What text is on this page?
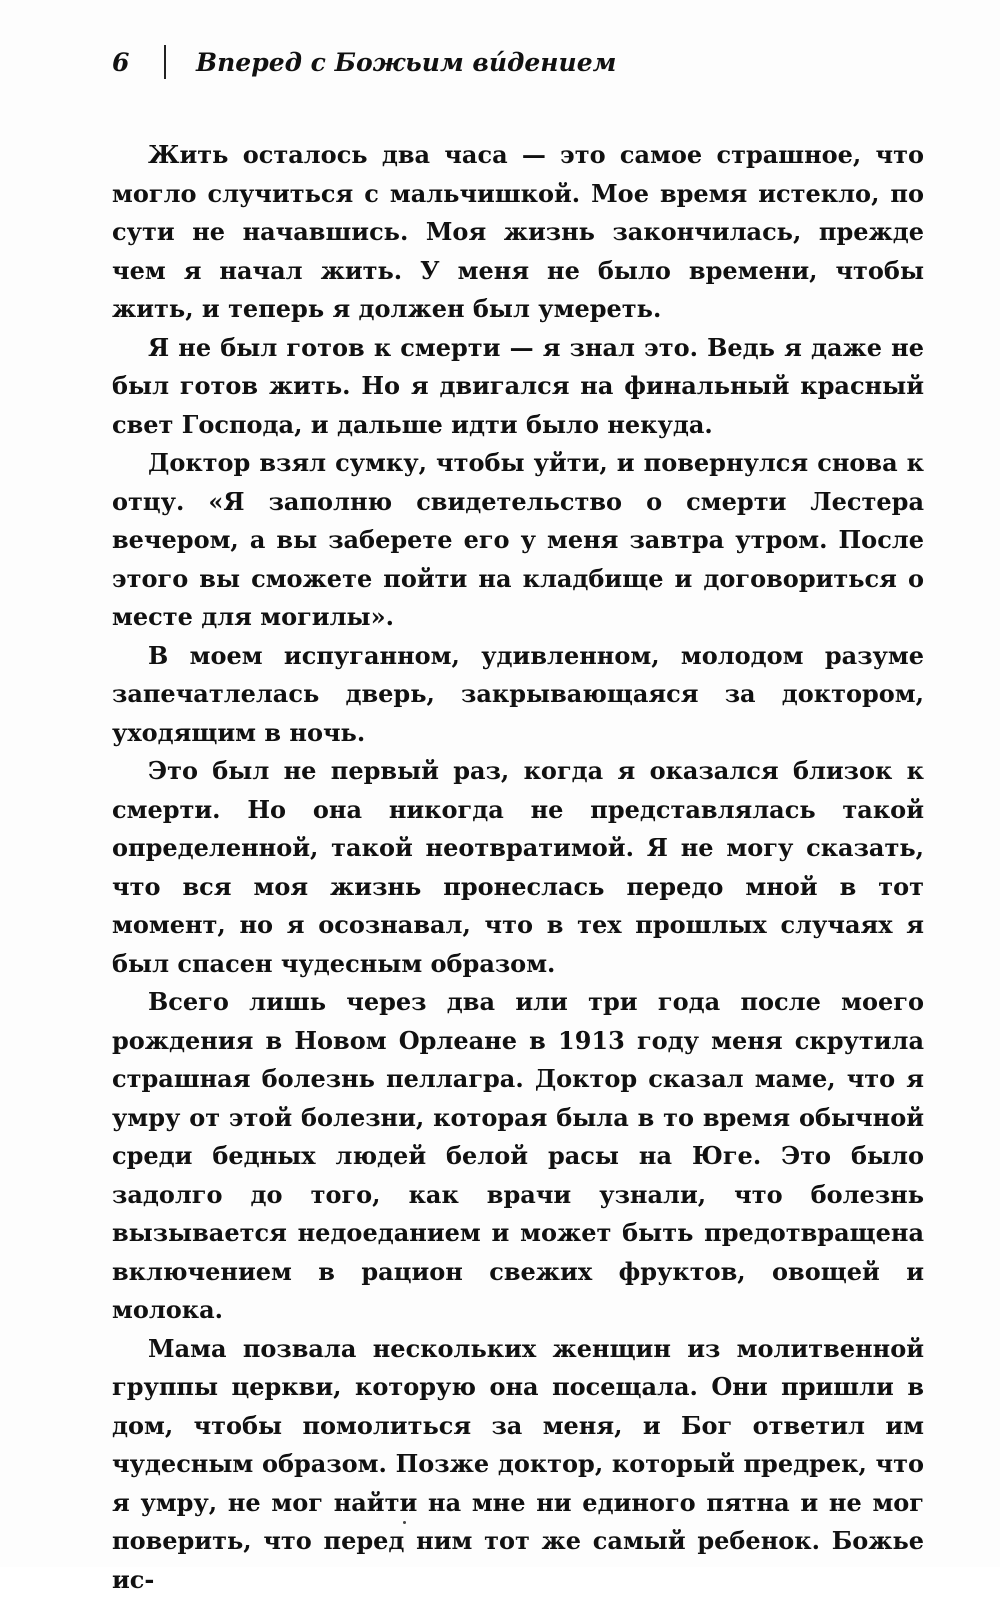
6	Вперед с Божьим ви́дением

Жить осталось два часа — это самое страшное, что могло случиться с мальчишкой. Мое время истекло, по сути не начавшись. Моя жизнь закончилась, прежде чем я начал жить. У меня не было времени, чтобы жить, и теперь я должен был умереть.

Я не был готов к смерти — я знал это. Ведь я даже не был готов жить. Но я двигался на финальный красный свет Господа, и дальше идти было некуда.

Доктор взял сумку, чтобы уйти, и повернулся снова к отцу. «Я заполню свидетельство о смерти Лестера вечером, а вы заберете его у меня завтра утром. После этого вы сможете пойти на кладбище и договориться о месте для могилы».

В моем испуганном, удивленном, молодом разуме запечатлелась дверь, закрывающаяся за доктором, уходящим в ночь.

Это был не первый раз, когда я оказался близок к смерти. Но она никогда не представлялась такой определенной, такой неотвратимой. Я не могу сказать, что вся моя жизнь пронеслась передо мной в тот момент, но я осознавал, что в тех прошлых случаях я был спасен чудесным образом.

Всего лишь через два или три года после моего рождения в Новом Орлеане в 1913 году меня скрутила страшная болезнь пеллагра. Доктор сказал маме, что я умру от этой болезни, которая была в то время обычной среди бедных людей белой расы на Юге. Это было задолго до того, как врачи узнали, что болезнь вызывается недоеданием и может быть предотвращена включением в рацион свежих фруктов, овощей и молока.

Мама позвала нескольких женщин из молитвенной группы церкви, которую она посещала. Они пришли в дом, чтобы помолиться за меня, и Бог ответил им чудесным образом. Позже доктор, который предрек, что я умру, не мог найти на мне ни единого пятна и не мог поверить, что перед ним тот же самый ребенок. Божье ис-
